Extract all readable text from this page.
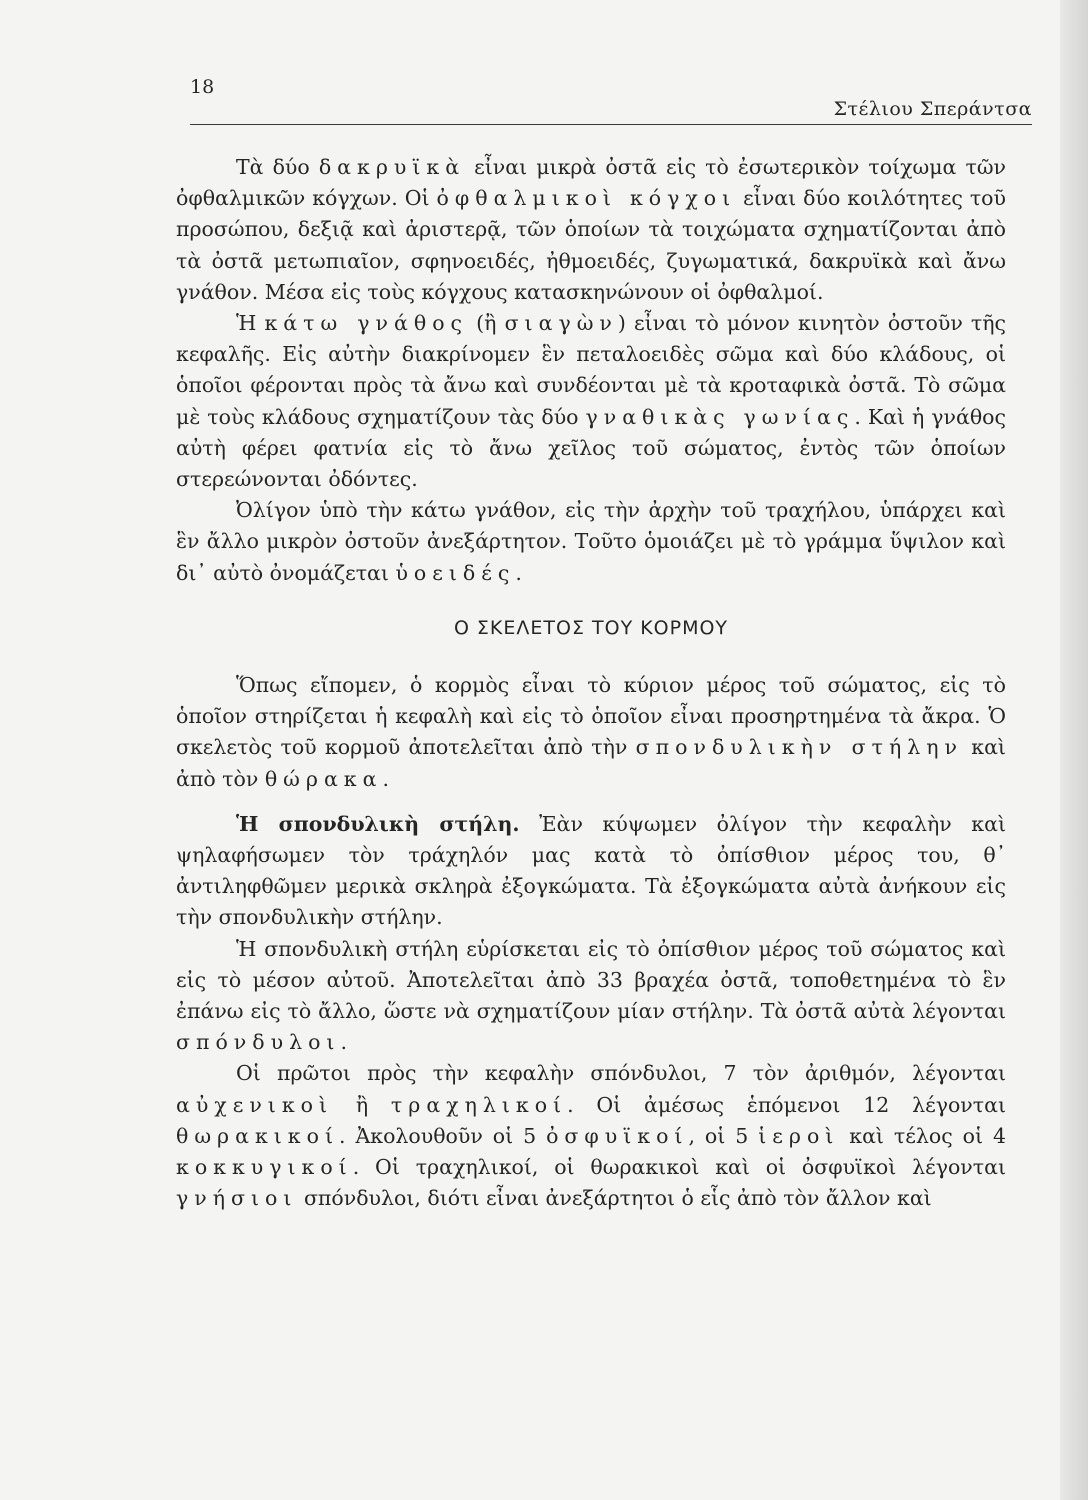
18
Στέλιου Σπεράντσα

Τὰ δύο δακρυϊκὰ εἶναι μικρὰ ὀστᾶ εἰς τὸ ἐσωτερικὸν τοίχωμα τῶν ὀφθαλμικῶν κόγχων. Οἱ ὀφθαλμικοὶ κόγχοι εἶναι δύο κοιλότητες τοῦ προσώπου, δεξιᾷ καὶ ἀριστερᾷ, τῶν ὁποίων τὰ τοιχώματα σχηματίζονται ἀπὸ τὰ ὀστᾶ μετωπιαῖον, σφηνοειδές, ἠθμοειδές, ζυγωματικά, δακρυϊκὰ καὶ ἄνω γνάθον. Μέσα εἰς τοὺς κόγχους κατασκηνώνουν οἱ ὀφθαλμοί.

Ἡ κάτω γνάθος (ἢ σιαγὼν) εἶναι τὸ μόνον κινητὸν ὀστοῦν τῆς κεφαλῆς. Εἰς αὐτὴν διακρίνομεν ἓν πεταλοειδὲς σῶμα καὶ δύο κλάδους, οἱ ὁποῖοι φέρονται πρὸς τὰ ἄνω καὶ συνδέονται μὲ τὰ κροταφικὰ ὀστᾶ. Τὸ σῶμα μὲ τοὺς κλάδους σχηματίζουν τὰς δύο γναθικὰς γωνίας. Καὶ ἡ γνάθος αὐτὴ φέρει φατνία εἰς τὸ ἄνω χεῖλος τοῦ σώματος, ἐντὸς τῶν ὁποίων στερεώνονται ὀδόντες.

Ὀλίγον ὑπὸ τὴν κάτω γνάθον, εἰς τὴν ἀρχὴν τοῦ τραχήλου, ὑπάρχει καὶ ἓν ἄλλο μικρὸν ὀστοῦν ἀνεξάρτητον. Τοῦτο ὁμοιάζει μὲ τὸ γράμμα ὕψιλον καὶ δι᾽ αὐτὸ ὀνομάζεται ὑοειδές.

Ο ΣΚΕΛΕΤΟΣ ΤΟΥ ΚΟΡΜΟΥ

Ὅπως εἴπομεν, ὁ κορμὸς εἶναι τὸ κύριον μέρος τοῦ σώματος, εἰς τὸ ὁποῖον στηρίζεται ἡ κεφαλὴ καὶ εἰς τὸ ὁποῖον εἶναι προσηρτημένα τὰ ἄκρα. Ὁ σκελετὸς τοῦ κορμοῦ ἀποτελεῖται ἀπὸ τὴν σπονδυλικὴν στήλην καὶ ἀπὸ τὸν θώρακα.

Ἡ σπονδυλικὴ στήλη. Ἐὰν κύψωμεν ὀλίγον τὴν κεφαλὴν καὶ ψηλαφήσωμεν τὸν τράχηλόν μας κατὰ τὸ ὀπίσθιον μέρος του, θ᾽ ἀντιληφθῶμεν μερικὰ σκληρὰ ἐξογκώματα. Τὰ ἐξογκώματα αὐτὰ ἀνήκουν εἰς τὴν σπονδυλικὴν στήλην.

Ἡ σπονδυλικὴ στήλη εὑρίσκεται εἰς τὸ ὀπίσθιον μέρος τοῦ σώματος καὶ εἰς τὸ μέσον αὐτοῦ. Ἀποτελεῖται ἀπὸ 33 βραχέα ὀστᾶ, τοποθετημένα τὸ ἓν ἐπάνω εἰς τὸ ἄλλο, ὥστε νὰ σχηματίζουν μίαν στήλην. Τὰ ὀστᾶ αὐτὰ λέγονται σπόνδυλοι.

Οἱ πρῶτοι πρὸς τὴν κεφαλὴν σπόνδυλοι, 7 τὸν ἀριθμόν, λέγονται αὐχενικοὶ ἢ τραχηλικοί. Οἱ ἀμέσως ἑπόμενοι 12 λέγονται θωρακικοί. Ἀκολουθοῦν οἱ 5 ὀσφυϊκοί, οἱ 5 ἱεροὶ καὶ τέλος οἱ 4 κοκκυγικοί. Οἱ τραχηλικοί, οἱ θωρακικοὶ καὶ οἱ ὀσφυϊκοὶ λέγονται γνήσιοι σπόνδυλοι, διότι εἶναι ἀνεξάρτητοι ὁ εἷς ἀπὸ τὸν ἄλλον καὶ
